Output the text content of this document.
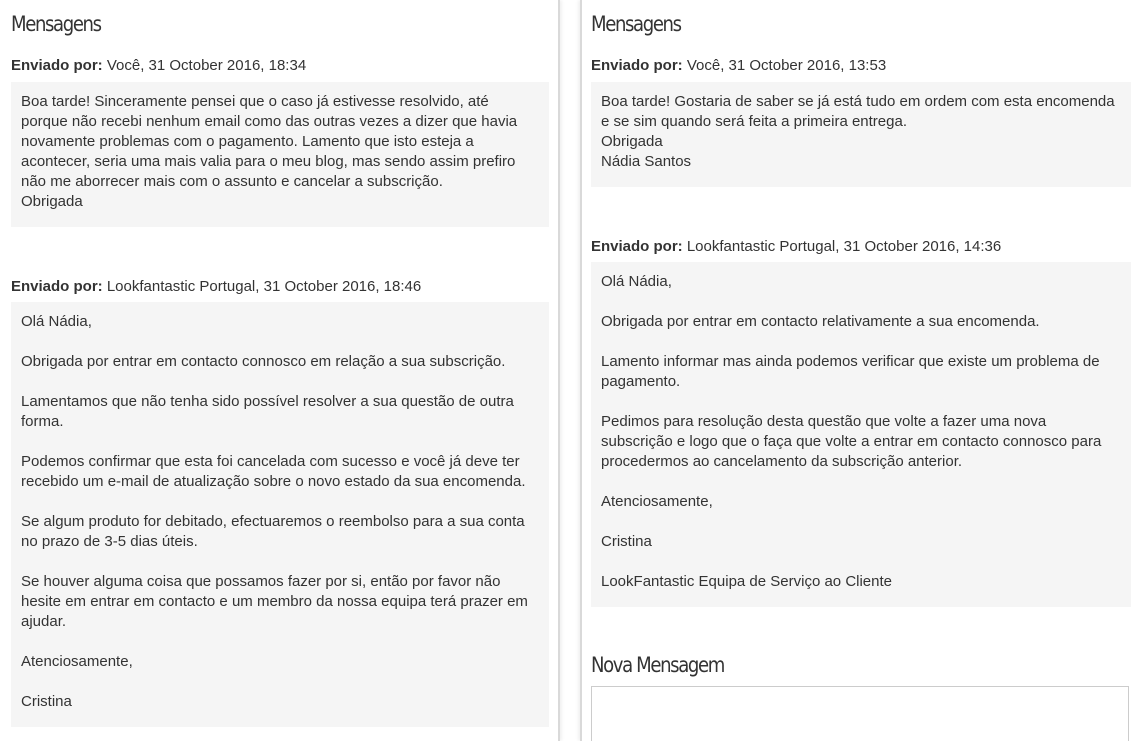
Mensagens
Enviado por: Você, 31 October 2016, 18:34

Boa tarde! Sinceramente pensei que o caso já estivesse resolvido, até porque não recebi nenhum email como das outras vezes a dizer que havia novamente problemas com o pagamento. Lamento que isto esteja a acontecer, seria uma mais valia para o meu blog, mas sendo assim prefiro não me aborrecer mais com o assunto e cancelar a subscrição.
Obrigada

Enviado por: Lookfantastic Portugal, 31 October 2016, 18:46

Olá Nádia,

Obrigada por entrar em contacto connosco em relação a sua subscrição.

Lamentamos que não tenha sido possível resolver a sua questão de outra forma.

Podemos confirmar que esta foi cancelada com sucesso e você já deve ter recebido um e-mail de atualização sobre o novo estado da sua encomenda.

Se algum produto for debitado, efectuaremos o reembolso para a sua conta no prazo de 3-5 dias úteis.

Se houver alguma coisa que possamos fazer por si, então por favor não hesite em entrar em contacto e um membro da nossa equipa terá prazer em ajudar.

Atenciosamente,

Cristina

Mensagens
Enviado por: Você, 31 October 2016, 13:53

Boa tarde! Gostaria de saber se já está tudo em ordem com esta encomenda e se sim quando será feita a primeira entrega.
Obrigada
Nádia Santos

Enviado por: Lookfantastic Portugal, 31 October 2016, 14:36

Olá Nádia,

Obrigada por entrar em contacto relativamente a sua encomenda.

Lamento informar mas ainda podemos verificar que existe um problema de pagamento.

Pedimos para resolução desta questão que volte a fazer uma nova subscrição e logo que o faça que volte a entrar em contacto connosco para procedermos ao cancelamento da subscrição anterior.

Atenciosamente,

Cristina

LookFantastic Equipa de Serviço ao Cliente

Nova Mensagem
